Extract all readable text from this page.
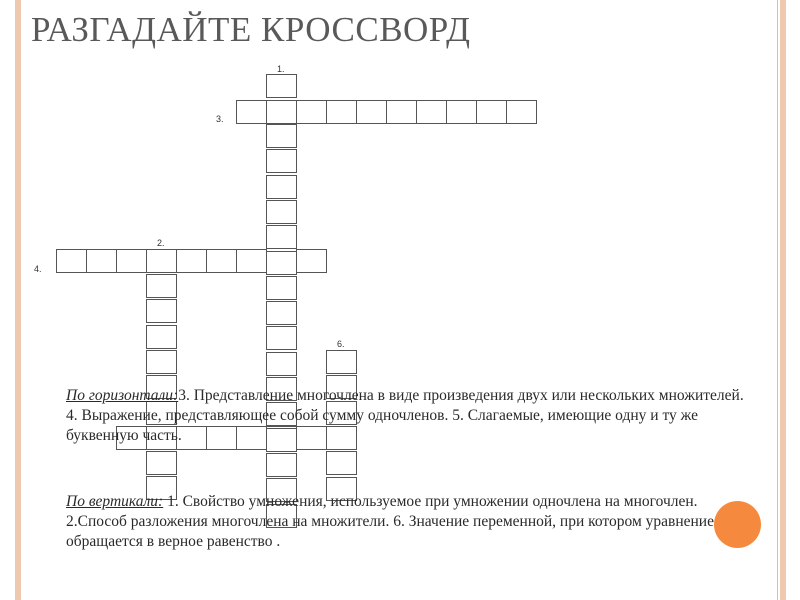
РАЗГАДАЙТЕ КРОССВОРД
1.
3.
2.
4.
6.
По горизонтали:3. Представление многочлена в виде произведения двух или нескольких множителей. 4. Выражение, представляющее собой сумму одночленов. 5. Слагаемые, имеющие одну и ту же буквенную часть.
По вертикали: 1. Свойство умножения, используемое при умножении одночлена на многочлен. 2.Способ разложения многочлена на множители. 6. Значение переменной, при котором уравнение обращается в верное равенство .
